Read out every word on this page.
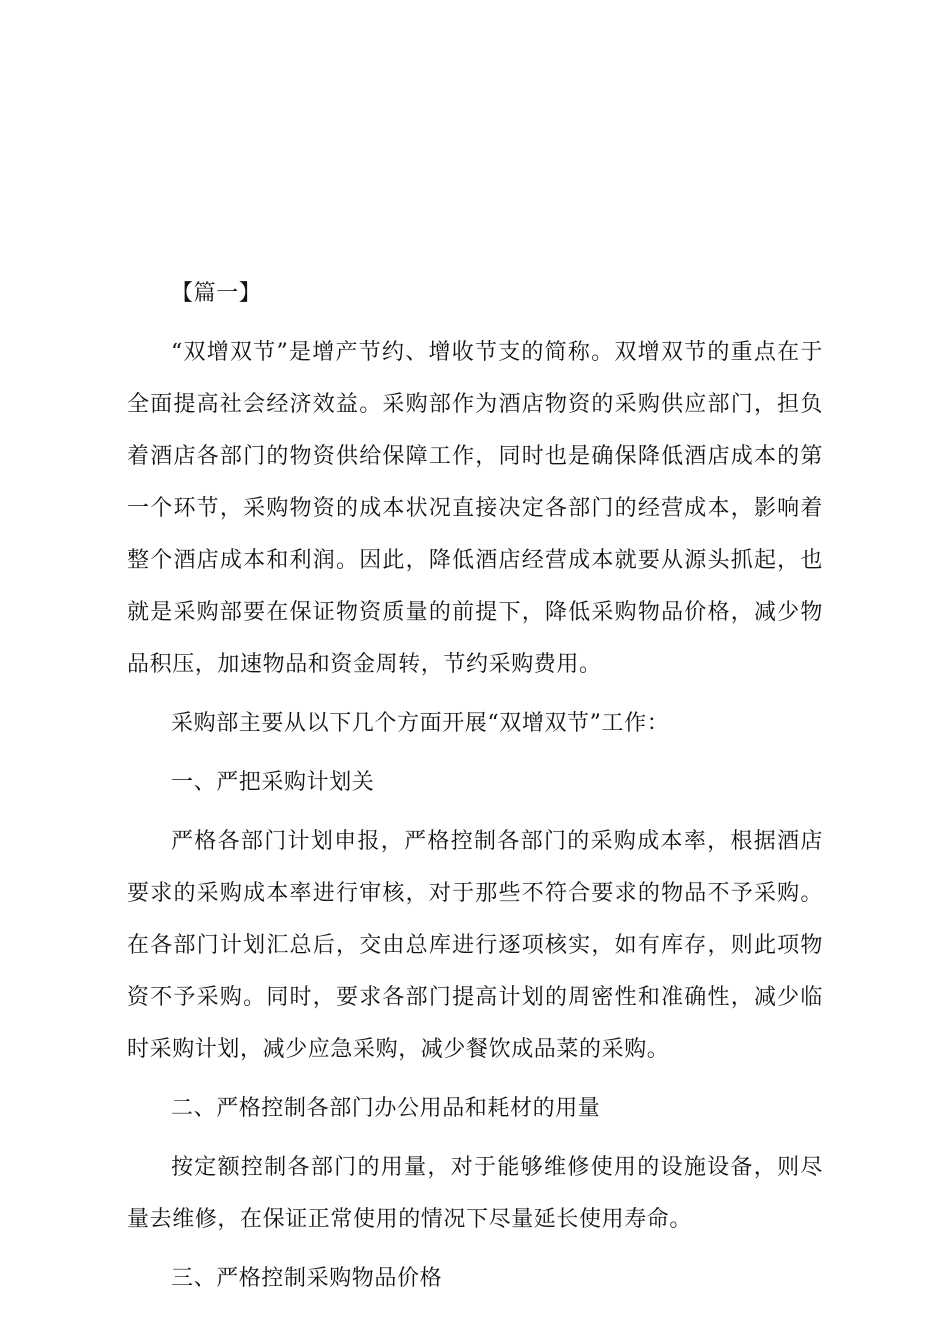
【篇一】

“双增双节”是增产节约、增收节支的简称。双增双节的重点在于全面提高社会经济效益。采购部作为酒店物资的采购供应部门，担负着酒店各部门的物资供给保障工作，同时也是确保降低酒店成本的第一个环节，采购物资的成本状况直接决定各部门的经营成本，影响着整个酒店成本和利润。因此，降低酒店经营成本就要从源头抓起，也就是采购部要在保证物资质量的前提下，降低采购物品价格，减少物品积压，加速物品和资金周转，节约采购费用。

采购部主要从以下几个方面开展“双增双节”工作：

一、严把采购计划关

严格各部门计划申报，严格控制各部门的采购成本率，根据酒店要求的采购成本率进行审核，对于那些不符合要求的物品不予采购。在各部门计划汇总后，交由总库进行逐项核实，如有库存，则此项物资不予采购。同时，要求各部门提高计划的周密性和准确性，减少临时采购计划，减少应急采购，减少餐饮成品菜的采购。

二、严格控制各部门办公用品和耗材的用量

按定额控制各部门的用量，对于能够维修使用的设施设备，则尽量去维修，在保证正常使用的情况下尽量延长使用寿命。

三、严格控制采购物品价格
